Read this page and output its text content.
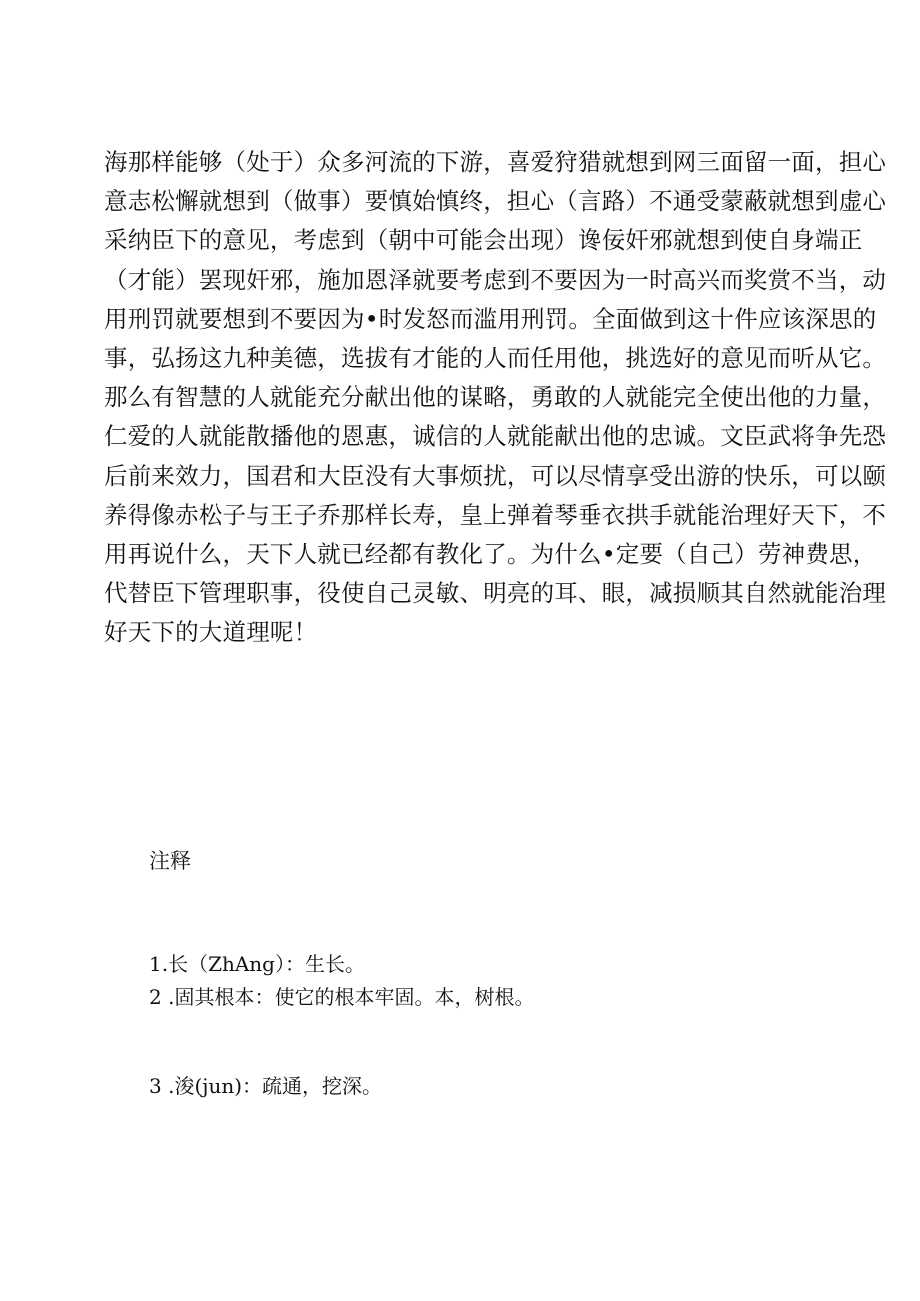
海那样能够（处于）众多河流的下游，喜爱狩猎就想到网三面留一面，担心
意志松懈就想到（做事）要慎始慎终，担心（言路）不通受蒙蔽就想到虚心
采纳臣下的意见，考虑到（朝中可能会出现）谗佞奸邪就想到使自身端正
（才能）罢现奸邪，施加恩泽就要考虑到不要因为一时高兴而奖赏不当，动
用刑罚就要想到不要因为•时发怒而滥用刑罚。全面做到这十件应该深思的
事，弘扬这九种美德，选拔有才能的人而任用他，挑选好的意见而听从它。
那么有智慧的人就能充分献出他的谋略，勇敢的人就能完全使出他的力量，
仁爱的人就能散播他的恩惠，诚信的人就能献出他的忠诚。文臣武将争先恐
后前来效力，国君和大臣没有大事烦扰，可以尽情享受出游的快乐，可以颐
养得像赤松子与王子乔那样长寿，皇上弹着琴垂衣拱手就能治理好天下，不
用再说什么，天下人就已经都有教化了。为什么•定要（自己）劳神费思，
代替臣下管理职事，役使自己灵敏、明亮的耳、眼，减损顺其自然就能治理
好天下的大道理呢！
注释

1.长（ZhAng）：生长。

2 .固其根本：使它的根本牢固。本，树根。

3 .浚(jun)：疏通，挖深。
